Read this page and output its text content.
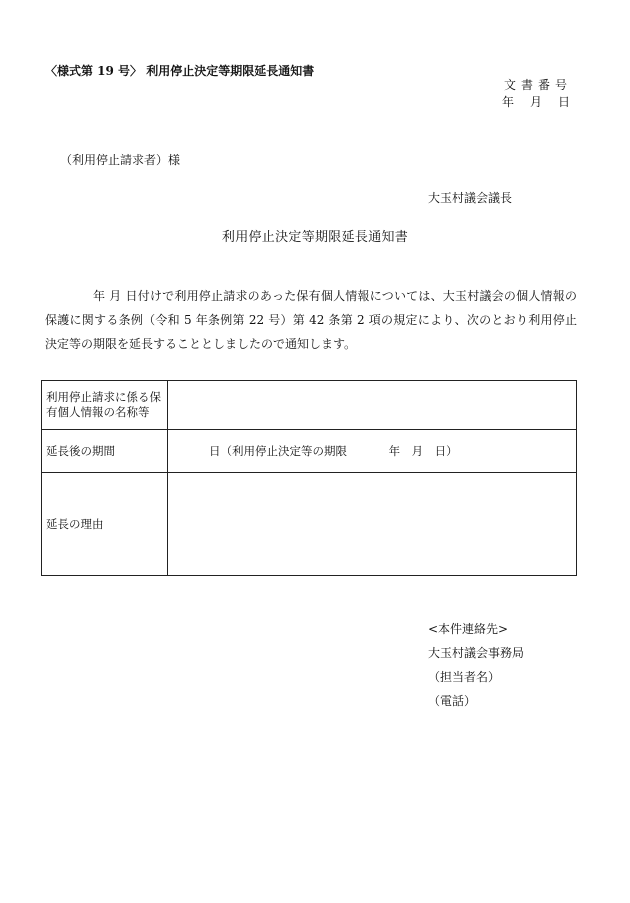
〈様式第 19 号〉 利用停止決定等期限延長通知書
文書番号
年　月　日
（利用停止請求者）様
大玉村議会議長
利用停止決定等期限延長通知書

年 月 日付けで利用停止請求のあった保有個人情報については、大玉村議会の個人情報の保護に関する条例（令和 5 年条例第 22 号）第 42 条第 2 項の規定により、次のとおり利用停止決定等の期限を延長することとしましたので通知します。

利用停止請求に係る保有個人情報の名称等	
延長後の期間	日（利用停止決定等の期限 年　月　日）
延長の理由	
<本件連絡先>
大玉村議会事務局
（担当者名）
（電話）
